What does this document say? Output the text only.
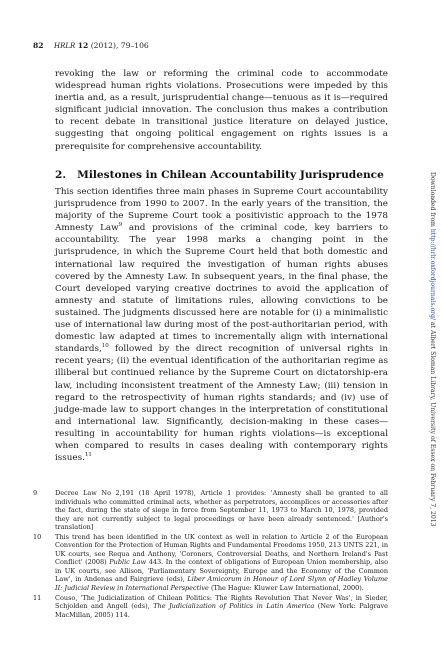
82 HRLR 12 (2012), 79–106

revoking the law or reforming the criminal code to accommodate widespread human rights violations. Prosecutions were impeded by this inertia and, as a result, jurisprudential change—tenuous as it is—required significant judicial innovation. The conclusion thus makes a contribution to recent debate in transitional justice literature on delayed justice, suggesting that ongoing political engagement on rights issues is a prerequisite for comprehensive accountability.

2. Milestones in Chilean Accountability Jurisprudence

This section identifies three main phases in Supreme Court accountability jurisprudence from 1990 to 2007. In the early years of the transition, the majority of the Supreme Court took a positivistic approach to the 1978 Amnesty Law$^9$ and provisions of the criminal code, key barriers to accountability. The year 1998 marks a changing point in the jurisprudence, in which the Supreme Court held that both domestic and international law required the investigation of human rights abuses covered by the Amnesty Law. In subsequent years, in the final phase, the Court developed varying creative doctrines to avoid the application of amnesty and statute of limitations rules, allowing convictions to be sustained. The judgments discussed here are notable for (i) a minimalistic use of international law during most of the post-authoritarian period, with domestic law adapted at times to incrementally align with international standards,$^{10}$ followed by the direct recognition of universal rights in recent years; (ii) the eventual identification of the authoritarian regime as illiberal but continued reliance by the Supreme Court on dictatorship-era law, including inconsistent treatment of the Amnesty Law; (iii) tension in regard to the retrospectivity of human rights standards; and (iv) use of judge-made law to support changes in the interpretation of constitutional and international law. Significantly, decision-making in these cases—resulting in accountability for human rights violations—is exceptional when compared to results in cases dealing with contemporary rights issues.$^{11}$

9	Decree Law No 2,191 (18 April 1978), Article 1 provides: 'Amnesty shall be granted to all individuals who committed criminal acts, whether as perpetrators, accomplices or accessories after the fact, during the state of siege in force from September 11, 1973 to March 10, 1978, provided they are not currently subject to legal proceedings or have been already sentenced.' [Author's translation]
10	This trend has been identified in the UK context as well in relation to Article 2 of the European Convention for the Protection of Human Rights and Fundamental Freedoms 1950, 213 UNTS 221, in UK courts, see Requa and Anthony, 'Coroners, Controversial Deaths, and Northern Ireland's Past Conflict' (2008) Public Law 443. In the context of obligations of European Union membership, also in UK courts, see Allison, 'Parliamentary Sovereignty, Europe and the Economy of the Common Law', in Andenas and Fairgrieve (eds), Liber Amicorum in Honour of Lord Slynn of Hadley Volume II: Judicial Review in International Perspective (The Hague: Kluwer Law International, 2000).
11	Couso, 'The Judicialization of Chilean Politics: The Rights Revolution That Never Was', in Sieder, Schjolden and Angell (eds), The Judicialization of Politics in Latin America (New York: Palgrave MacMillan, 2005) 114.
Downloaded from http://hrlr.oxfordjournals.org/ at Albert Sloman Library, University of Essex on February 7, 2013
